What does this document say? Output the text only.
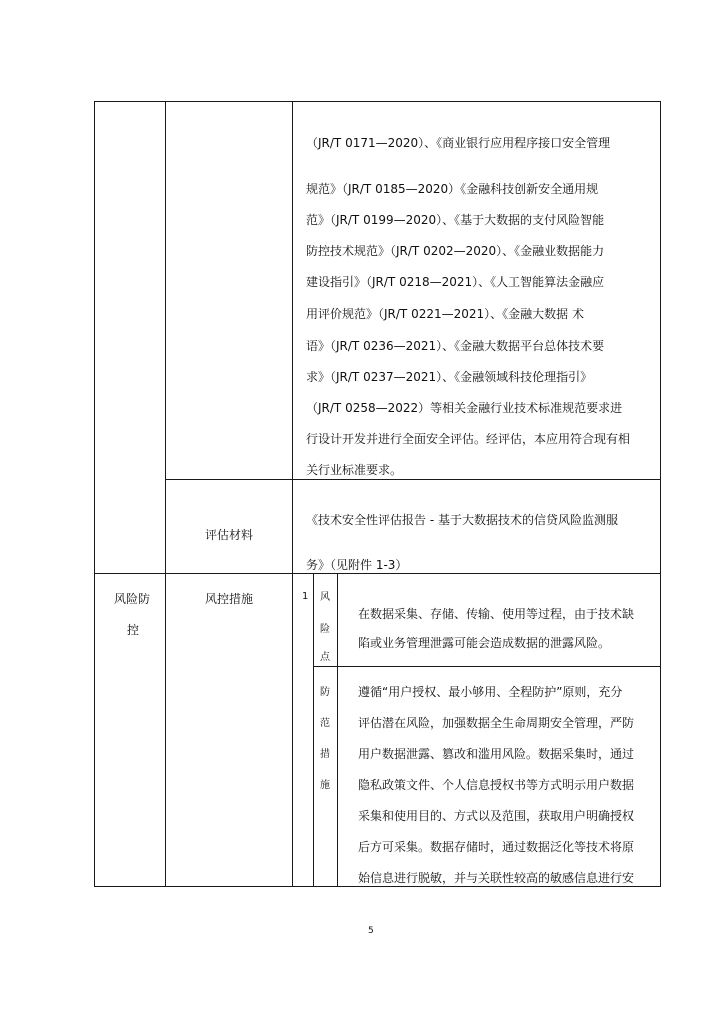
（JR/T 0171—2020）、《商业银行应用程序接口安全管理
规范》（JR/T 0185—2020）《金融科技创新安全通用规
范》（JR/T 0199—2020）、《基于大数据的支付风险智能
防控技术规范》（JR/T 0202—2020）、《金融业数据能力
建设指引》（JR/T 0218—2021）、《人工智能算法金融应
用评价规范》（JR/T 0221—2021）、《金融大数据 术
语》（JR/T 0236—2021）、《金融大数据平台总体技术要
求》（JR/T 0237—2021）、《金融领域科技伦理指引》
（JR/T 0258—2022）等相关金融行业技术标准规范要求进
行设计开发并进行全面安全评估。经评估，本应用符合现有相
关行业标准要求。
评估材料
《技术安全性评估报告 - 基于大数据技术的信贷风险监测服
务》（见附件 1-3）
风险防
控
风控措施	1 风
险
点
在数据采集、存储、传输、使用等过程，由于技术缺
陷或业务管理泄露可能会造成数据的泄露风险。
防
范
措
施
遵循“用户授权、最小够用、全程防护”原则，充分
评估潜在风险，加强数据全生命周期安全管理，严防
用户数据泄露、篡改和滥用风险。数据采集时，通过
隐私政策文件、个人信息授权书等方式明示用户数据
采集和使用目的、方式以及范围，获取用户明确授权
后方可采集。数据存储时，通过数据泛化等技术将原
始信息进行脱敏，并与关联性较高的敏感信息进行安
5
